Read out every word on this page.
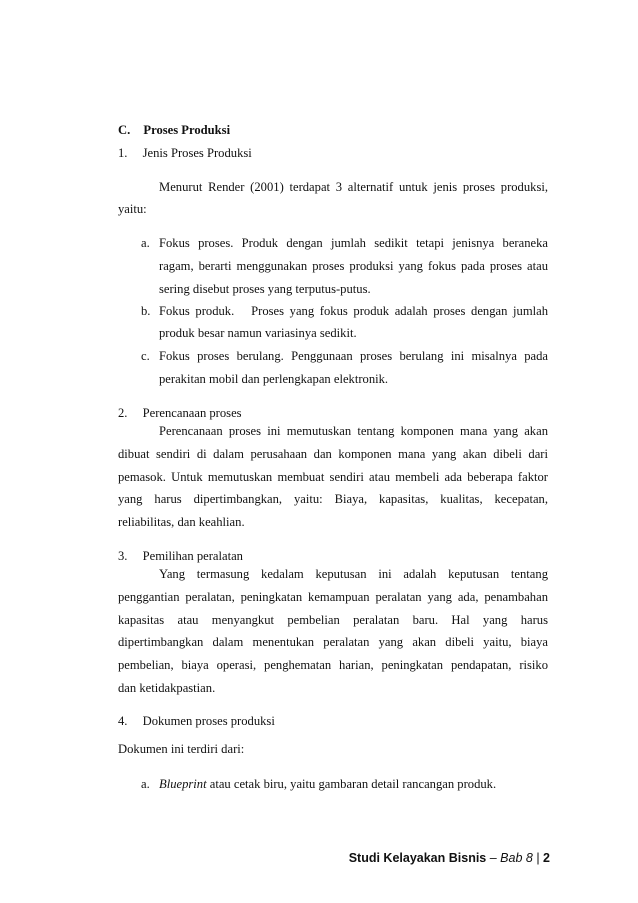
C. Proses Produksi
1. Jenis Proses Produksi
Menurut Render (2001) terdapat 3 alternatif untuk jenis proses produksi,
yaitu:
a. Fokus proses. Produk dengan jumlah sedikit tetapi jenisnya beraneka
ragam, berarti menggunakan proses produksi yang fokus pada proses atau
sering disebut proses yang terputus-putus.
b. Fokus produk.   Proses yang fokus produk adalah proses dengan jumlah
produk besar namun variasinya sedikit.
c. Fokus proses berulang. Penggunaan proses berulang ini misalnya pada
perakitan mobil dan perlengkapan elektronik.
2. Perencanaan proses
Perencanaan proses ini memutuskan tentang komponen mana yang akan
dibuat sendiri di dalam perusahaan dan komponen mana yang akan dibeli dari
pemasok. Untuk memutuskan membuat sendiri atau membeli ada beberapa faktor
yang harus dipertimbangkan, yaitu: Biaya, kapasitas, kualitas, kecepatan,
reliabilitas, dan keahlian.
3. Pemilihan peralatan
Yang termasung kedalam keputusan ini adalah keputusan tentang
penggantian peralatan, peningkatan kemampuan peralatan yang ada, penambahan
kapasitas atau menyangkut pembelian peralatan baru. Hal yang harus
dipertimbangkan dalam menentukan peralatan yang akan dibeli yaitu, biaya
pembelian, biaya operasi, penghematan harian, peningkatan pendapatan, risiko
dan ketidakpastian.
4. Dokumen proses produksi
Dokumen ini terdiri dari:
a. Blueprint atau cetak biru, yaitu gambaran detail rancangan produk.
Studi Kelayakan Bisnis – Bab 8 | 2
